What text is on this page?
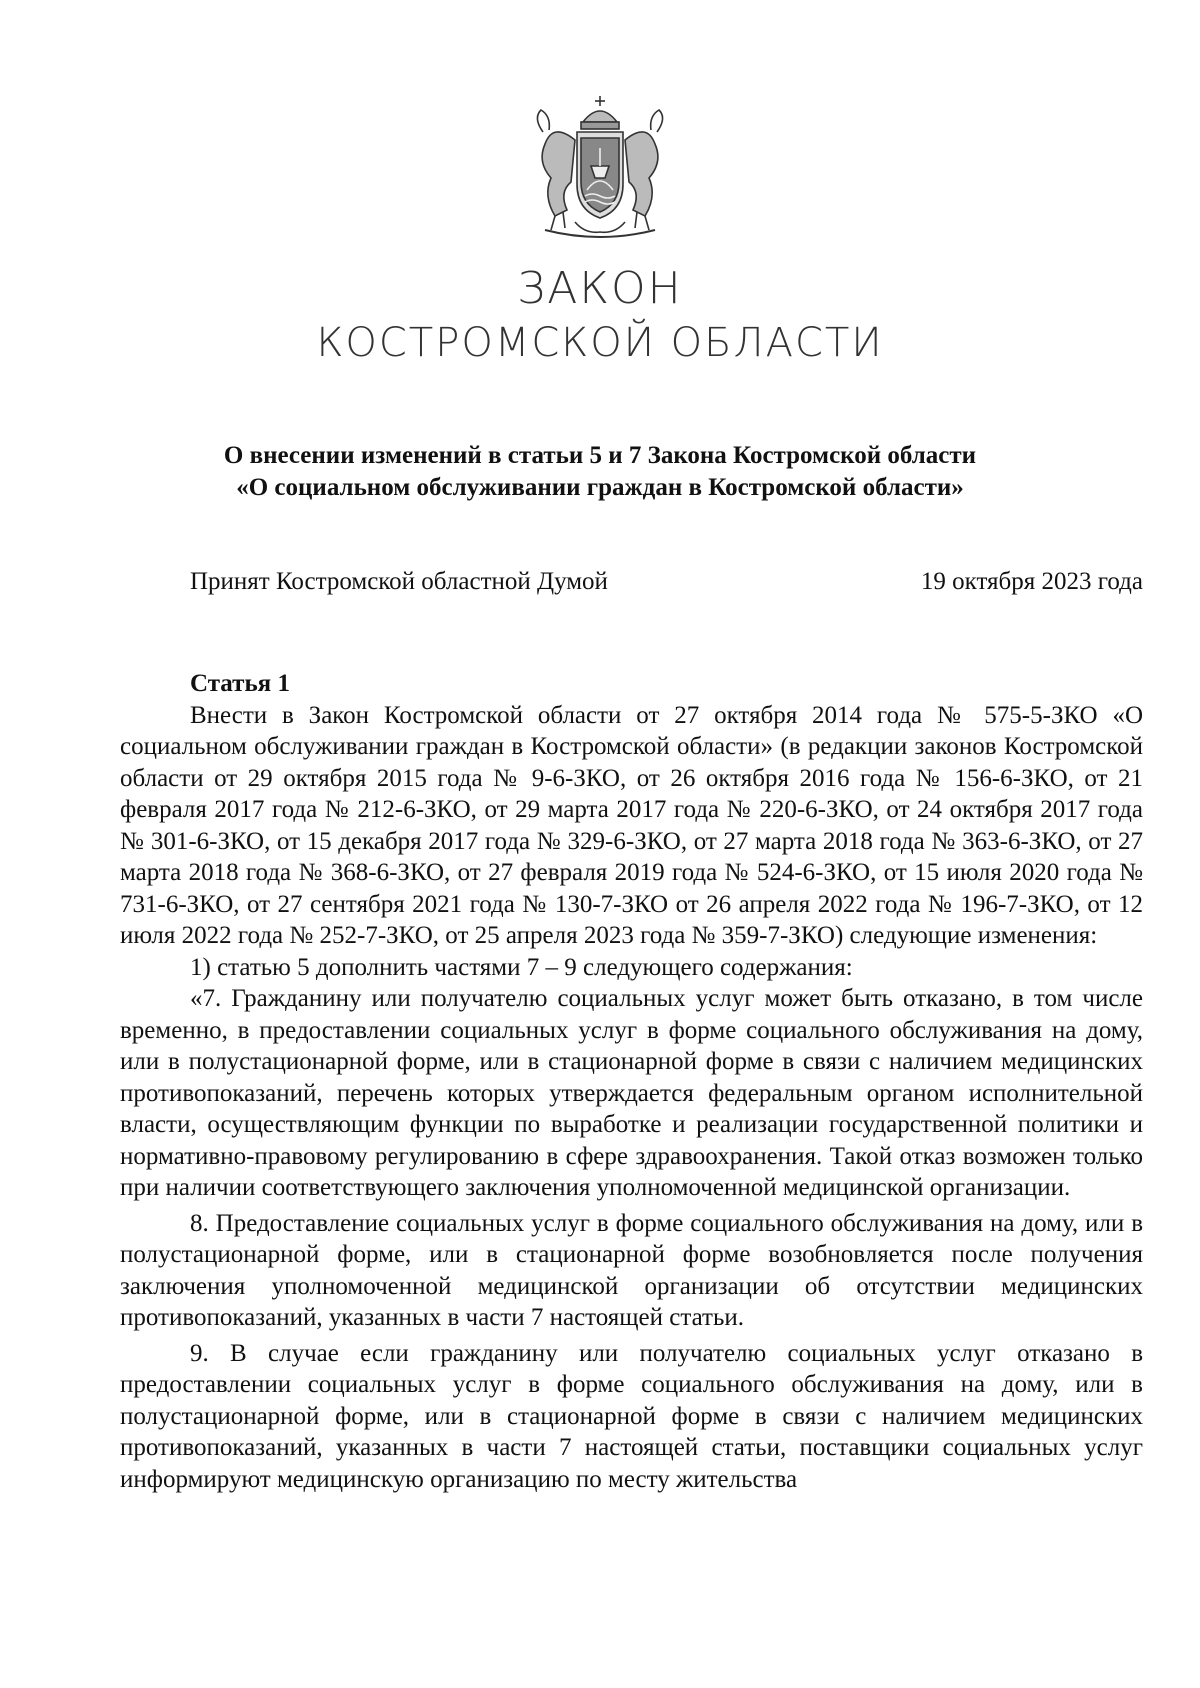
ЗАКОН
КОСТРОМСКОЙ ОБЛАСТИ
О внесении изменений в статьи 5 и 7 Закона Костромской области
«О социальном обслуживании граждан в Костромской области»
Принят Костромской областной Думой	19 октября 2023 года

Статья 1

Внести в Закон Костромской области от 27 октября 2014 года № 575-5-ЗКО «О социальном обслуживании граждан в Костромской области» (в редакции законов Костромской области от 29 октября 2015 года № 9-6-ЗКО, от 26 октября 2016 года № 156-6-ЗКО, от 21 февраля 2017 года № 212-6-ЗКО, от 29 марта 2017 года № 220-6-ЗКО, от 24 октября 2017 года № 301-6-ЗКО, от 15 декабря 2017 года № 329-6-ЗКО, от 27 марта 2018 года № 363-6-ЗКО, от 27 марта 2018 года № 368-6-ЗКО, от 27 февраля 2019 года № 524-6-ЗКО, от 15 июля 2020 года № 731-6-ЗКО, от 27 сентября 2021 года № 130-7-ЗКО от 26 апреля 2022 года № 196-7-ЗКО, от 12 июля 2022 года № 252-7-ЗКО, от 25 апреля 2023 года № 359-7-ЗКО) следующие изменения:

1) статью 5 дополнить частями 7 – 9 следующего содержания:

«7. Гражданину или получателю социальных услуг может быть отказано, в том числе временно, в предоставлении социальных услуг в форме социального обслуживания на дому, или в полустационарной форме, или в стационарной форме в связи с наличием медицинских противопоказаний, перечень которых утверждается федеральным органом исполнительной власти, осуществляющим функции по выработке и реализации государственной политики и нормативно-правовому регулированию в сфере здравоохранения. Такой отказ возможен только при наличии соответствующего заключения уполномоченной медицинской организации.

8. Предоставление социальных услуг в форме социального обслуживания на дому, или в полустационарной форме, или в стационарной форме возобновляется после получения заключения уполномоченной медицинской организации об отсутствии медицинских противопоказаний, указанных в части 7 настоящей статьи.

9. В случае если гражданину или получателю социальных услуг отказано в предоставлении социальных услуг в форме социального обслуживания на дому, или в полустационарной форме, или в стационарной форме в связи с наличием медицинских противопоказаний, указанных в части 7 настоящей статьи, поставщики социальных услуг информируют медицинскую организацию по месту жительства
